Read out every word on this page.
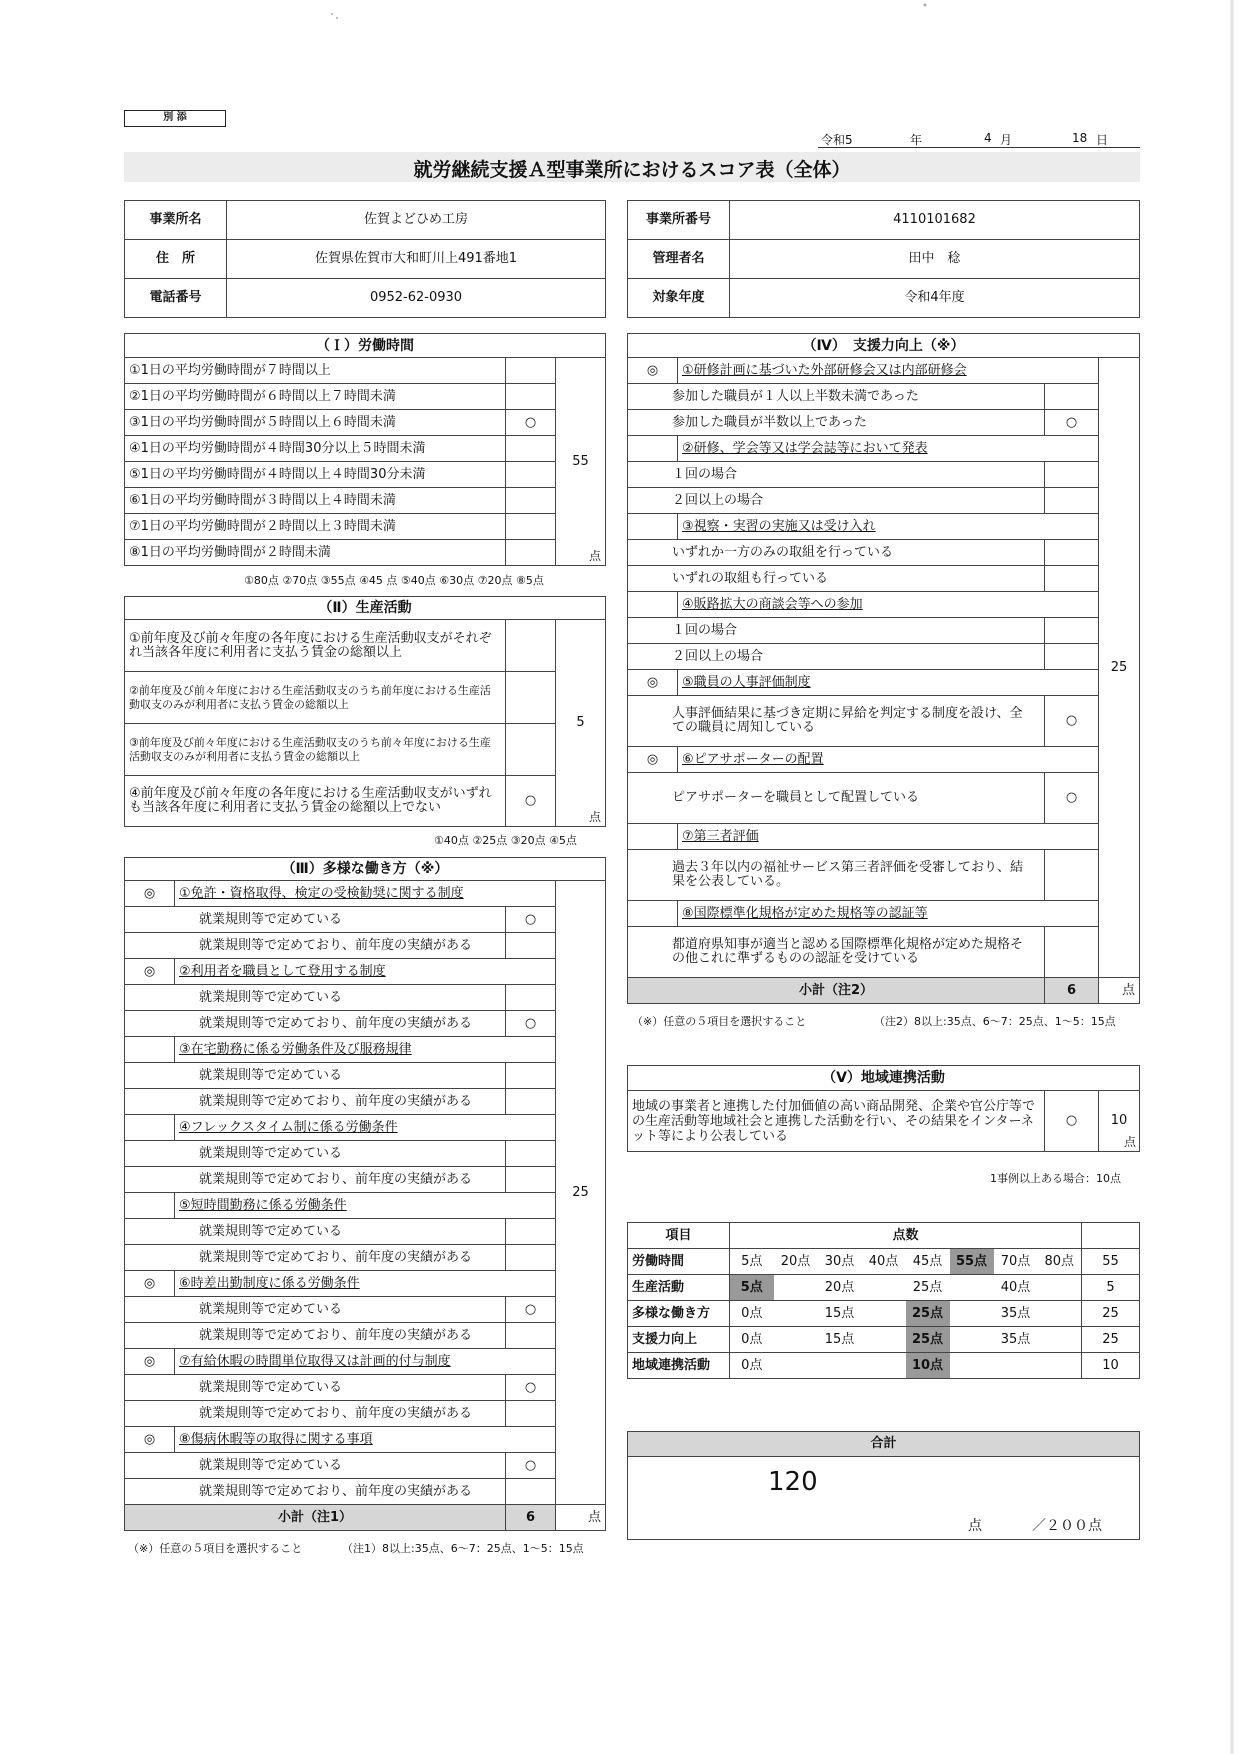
別 添
令和5	年	4 月	18 日
就労継続支援Ａ型事業所におけるスコア表（全体）
事業所名	佐賀よどひめ工房
住　所	佐賀県佐賀市大和町川上491番地1
電話番号	0952-62-0930
事業所番号	4110101682
管理者名	田中　稔
対象年度	令和4年度
（Ｉ）労働時間		
①1日の平均労働時間が７時間以上		55
点

②1日の平均労働時間が６時間以上７時間未満		
③1日の平均労働時間が５時間以上６時間未満	○	
④1日の平均労働時間が４時間30分以上５時間未満		
⑤1日の平均労働時間が４時間以上４時間30分未満		
⑥1日の平均労働時間が３時間以上４時間未満		
⑦1日の平均労働時間が２時間以上３時間未満		
⑧1日の平均労働時間が２時間未満		
①80点 ②70点 ③55点 ④45 点 ⑤40点 ⑥30点 ⑦20点 ⑧5点
（Ⅱ）生産活動		
①前年度及び前々年度の各年度における生産活動収支がそれぞれ当該各年度に利用者に支払う賃金の総額以上		5
点

②前年度及び前々年度における生産活動収支のうち前年度における生産活動収支のみが利用者に支払う賃金の総額以上		
③前年度及び前々年度における生産活動収支のうち前々年度における生産活動収支のみが利用者に支払う賃金の総額以上		
④前年度及び前々年度の各年度における生産活動収支がいずれも当該各年度に利用者に支払う賃金の総額以上でない	○	
①40点 ②25点 ③20点 ④5点
（Ⅲ）多様な働き方（※）			
◎	①免許・資格取得、検定の受検勧奨に関する制度		25
就業規則等で定めている		○	
就業規則等で定めており、前年度の実績がある			
◎	②利用者を職員として登用する制度		
就業規則等で定めている			
就業規則等で定めており、前年度の実績がある		○	
	③在宅勤務に係る労働条件及び服務規律		
就業規則等で定めている			
就業規則等で定めており、前年度の実績がある			
	④フレックスタイム制に係る労働条件		
就業規則等で定めている			
就業規則等で定めており、前年度の実績がある			
	⑤短時間勤務に係る労働条件		
就業規則等で定めている			
就業規則等で定めており、前年度の実績がある			
◎	⑥時差出勤制度に係る労働条件		
就業規則等で定めている		○	
就業規則等で定めており、前年度の実績がある			
◎	⑦有給休暇の時間単位取得又は計画的付与制度		
就業規則等で定めている		○	
就業規則等で定めており、前年度の実績がある			
◎	⑧傷病休暇等の取得に関する事項		
就業規則等で定めている		○	
就業規則等で定めており、前年度の実績がある			
小計（注1）		6	点
（※）任意の５項目を選択すること	（注1）8以上:35点、6～7：25点、1～5：15点
（Ⅳ）　支援力向上（※）			
◎	①研修計画に基づいた外部研修会又は内部研修会		25
参加した職員が１人以上半数未満であった			
参加した職員が半数以上であった		○	
	②研修、学会等又は学会誌等において発表		
１回の場合			
２回以上の場合			
	③視察・実習の実施又は受け入れ		
いずれか一方のみの取組を行っている			
いずれの取組も行っている			
	④販路拡大の商談会等への参加		
１回の場合			
２回以上の場合			
◎	⑤職員の人事評価制度		
人事評価結果に基づき定期に昇給を判定する制度を設け、全ての職員に周知している		○	
◎	⑥ピアサポーターの配置		
ピアサポーターを職員として配置している		○	
	⑦第三者評価		
過去３年以内の福祉サービス第三者評価を受審しており、結果を公表している。			
	⑧国際標準化規格が定めた規格等の認証等		
都道府県知事が適当と認める国際標準化規格が定めた規格その他これに準ずるものの認証を受けている			
小計（注2）		6	点
（※）任意の５項目を選択すること	（注2）8以上:35点、6～7：25点、1～5：15点
（Ⅴ）地域連携活動
地域の事業者と連携した付加価値の高い商品開発、企業や官公庁等での生産活動等地域社会と連携した活動を行い、その結果をインターネット等により公表している	○	10
点
1事例以上ある場合：10点
項目	点数								
労働時間	5点	20点	30点	40点	45点	55点	70点	80点	55
生産活動	5点		20点		25点		40点		5
多様な働き方	0点		15点		25点		35点		25
支援力向上	0点		15点		25点		35点		25
地域連携活動	0点				10点				10
合計

120
点	／２００点
